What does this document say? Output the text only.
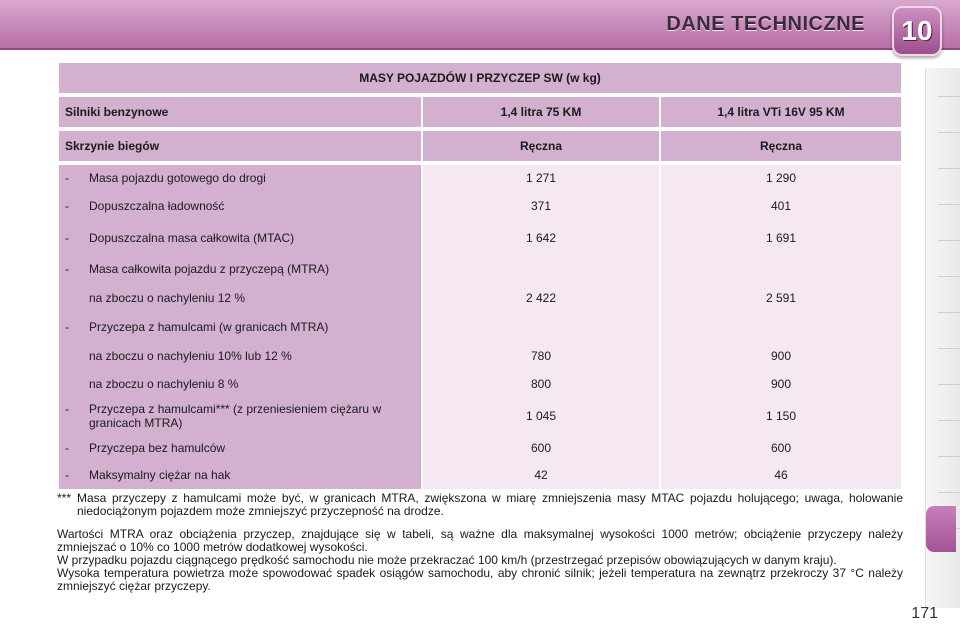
DANE TECHNICZNE	10
MASY POJAZDÓW I PRZYCZEP SW (w kg)		

Silniki benzynowe	1,4 litra 75 KM	1,4 litra VTi 16V 95 KM

Skrzynie biegów	Ręczna	Ręczna

- Masa pojazdu gotowego do drogi	1 271	1 290
- Dopuszczalna ładowność	371	401
- Dopuszczalna masa całkowita (MTAC)	1 642	1 691
- Masa całkowita pojazdu z przyczepą (MTRA)		
na zboczu o nachyleniu 12 %	2 422	2 591
- Przyczepa z hamulcami (w granicach MTRA)		
na zboczu o nachyleniu 10% lub 12 %	780	900
na zboczu o nachyleniu 8 %	800	900
- Przyczepa z hamulcami*** (z przeniesieniem ciężaru w granicach MTRA)	1 045	1 150
- Przyczepa bez hamulców	600	600
- Maksymalny ciężar na hak	42	46
*** Masa przyczepy z hamulcami może być, w granicach MTRA, zwiększona w miarę zmniejszenia masy MTAC pojazdu holującego; uwaga, holowanie niedociążonym pojazdem może zmniejszyć przyczepność na drodze.

Wartości MTRA oraz obciążenia przyczep, znajdujące się w tabeli, są ważne dla maksymalnej wysokości 1000 metrów; obciążenie przyczepy należy zmniejszać o 10% co 1000 metrów dodatkowej wysokości.

W przypadku pojazdu ciągnącego prędkość samochodu nie może przekraczać 100 km/h (przestrzegać przepisów obowiązujących w danym kraju).

Wysoka temperatura powietrza może spowodować spadek osiągów samochodu, aby chronić silnik; jeżeli temperatura na zewnątrz przekroczy 37 °C należy zmniejszyć ciężar przyczepy.

171
